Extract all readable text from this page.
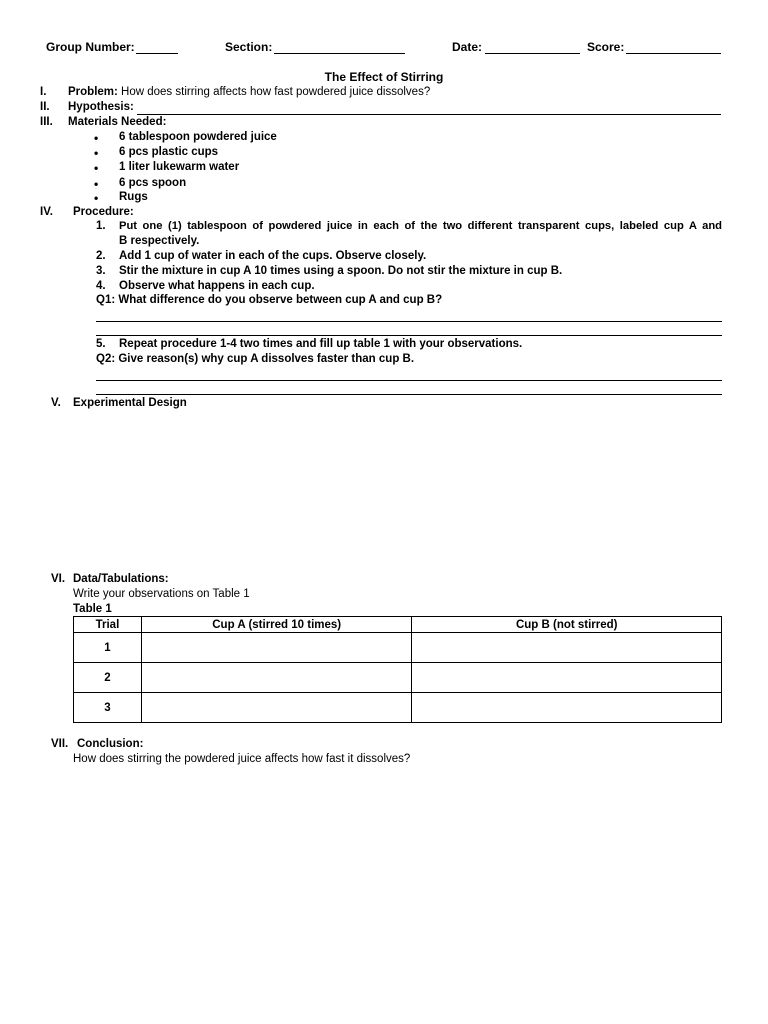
Group Number:	Section:	Date:	Score:
The Effect of Stirring
I. Problem: How does stirring affects how fast powdered juice dissolves?
II. Hypothesis:
III. Materials Needed:
• 6 tablespoon powdered juice
• 6 pcs plastic cups
• 1 liter lukewarm water
• 6 pcs spoon
• Rugs
IV. Procedure:
1. Put one (1) tablespoon of powdered juice in each of the two different transparent cups, labeled cup A and
B respectively.
2. Add 1 cup of water in each of the cups. Observe closely.
3. Stir the mixture in cup A 10 times using a spoon. Do not stir the mixture in cup B.
4. Observe what happens in each cup.
Q1: What difference do you observe between cup A and cup B?
5. Repeat procedure 1-4 two times and fill up table 1 with your observations.
Q2: Give reason(s) why cup A dissolves faster than cup B.
V. Experimental Design
VI. Data/Tabulations:
Write your observations on Table 1
Table 1
Trial	Cup A (stirred 10 times)	Cup B (not stirred)
1		
2		
3		
VII. Conclusion:
How does stirring the powdered juice affects how fast it dissolves?
